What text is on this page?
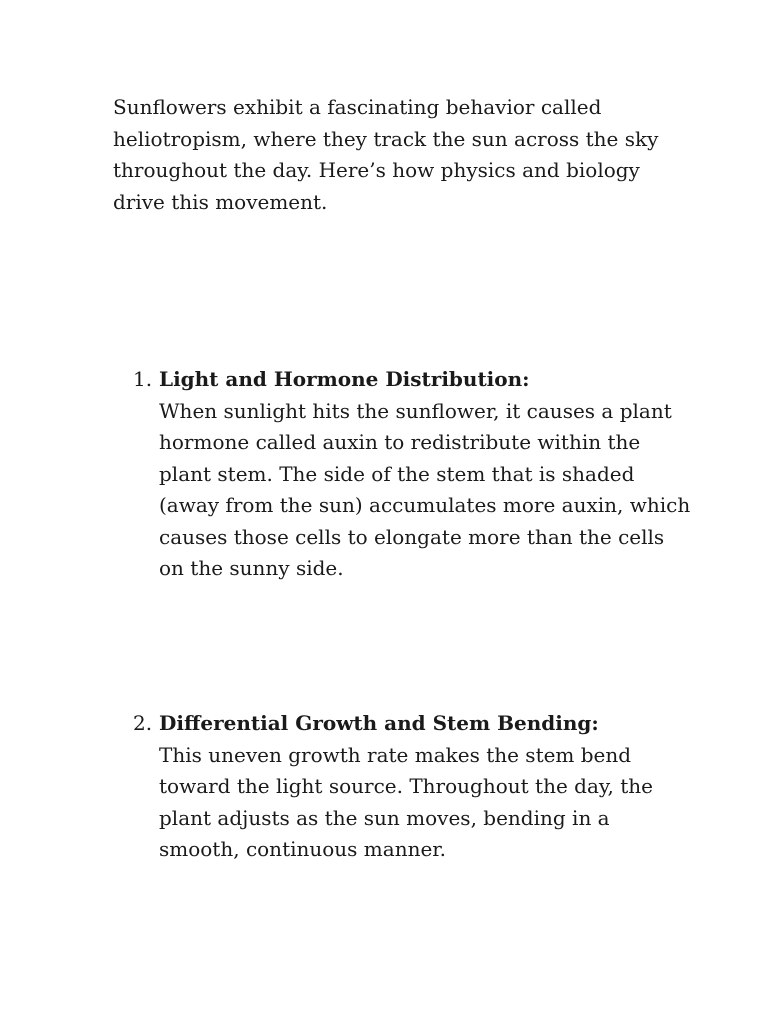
Sunflowers exhibit a fascinating behavior called heliotropism, where they track the sun across the sky throughout the day. Here’s how physics and biology drive this movement.

1. Light and Hormone Distribution:

When sunlight hits the sunflower, it causes a plant hormone called auxin to redistribute within the plant stem. The side of the stem that is shaded (away from the sun) accumulates more auxin, which causes those cells to elongate more than the cells on the sunny side.

2. Differential Growth and Stem Bending:

This uneven growth rate makes the stem bend toward the light source. Throughout the day, the plant adjusts as the sun moves, bending in a smooth, continuous manner.
